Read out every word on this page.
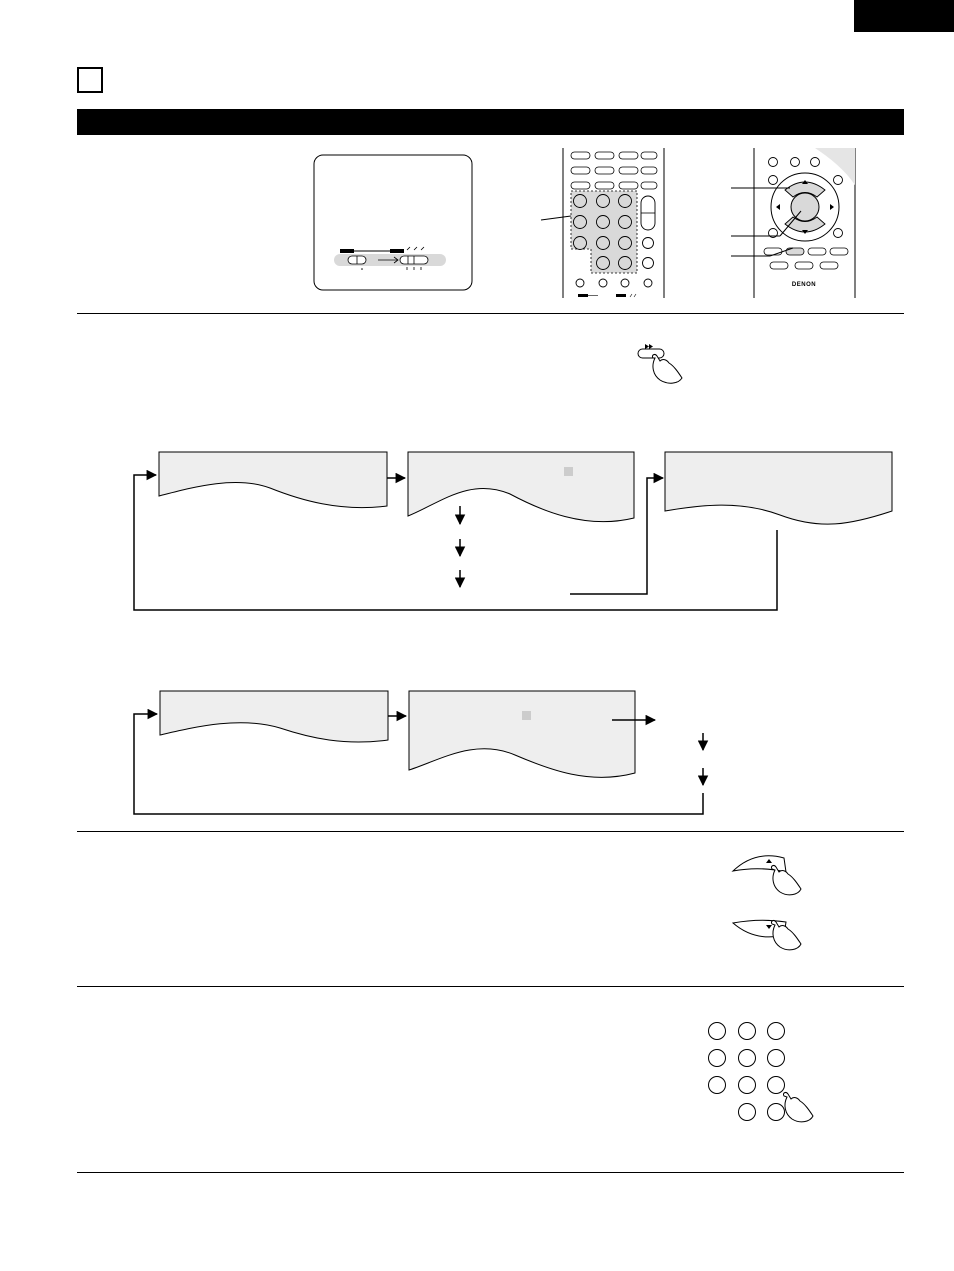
DENON
